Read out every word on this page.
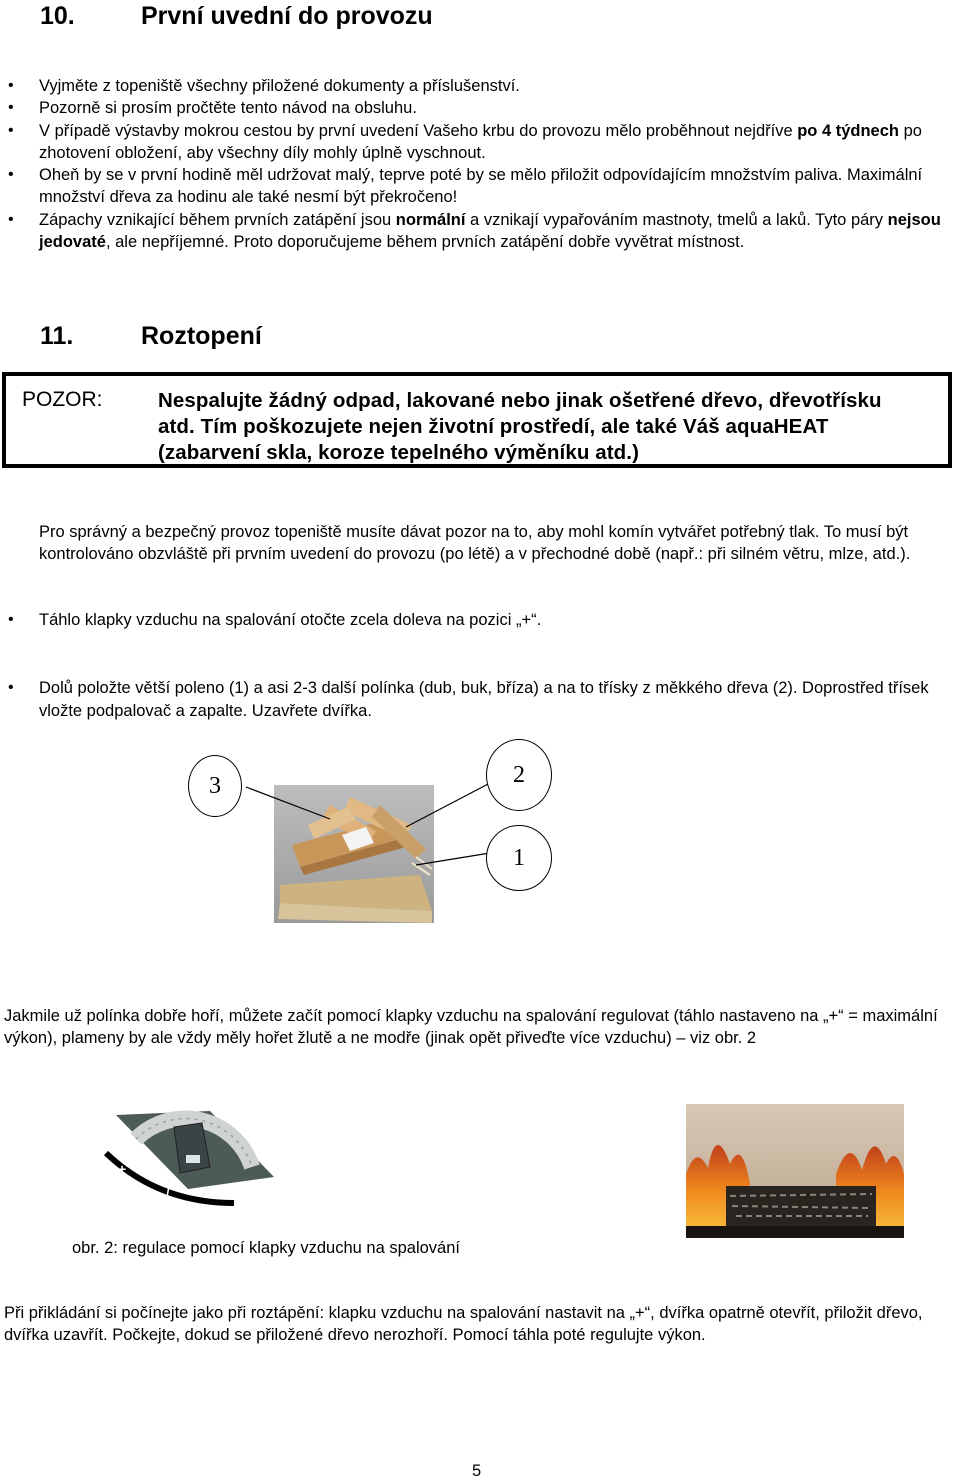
10.	První uvední do provozu
• Vyjměte z topeniště všechny přiložené dokumenty a příslušenství.
• Pozorně si prosím pročtěte tento návod na obsluhu.
• V případě výstavby mokrou cestou by první uvedení Vašeho krbu do provozu mělo proběhnout nejdříve po 4 týdnech po zhotovení obložení, aby všechny díly mohly úplně vyschnout.
• Oheň by se v první hodině měl udržovat malý, teprve poté by se mělo přiložit odpovídajícím množstvím paliva. Maximální množství dřeva za hodinu ale také nesmí být překročeno!
• Zápachy vznikající během prvních zatápění jsou normální a vznikají vypařováním mastnoty, tmelů a laků. Tyto páry nejsou jedovaté, ale nepříjemné. Proto doporučujeme během prvních zatápění dobře vyvětrat místnost.
11.	Roztopení
POZOR:	Nespalujte žádný odpad, lakované nebo jinak ošetřené dřevo, dřevotřísku atd. Tím poškozujete nejen životní prostředí, ale také Váš aquaHEAT (zabarvení skla, koroze tepelného výměníku atd.)
Pro správný a bezpečný provoz topeniště musíte dávat pozor na to, aby mohl komín vytvářet potřebný tlak. To musí být kontrolováno obzvláště při prvním uvedení do provozu (po létě) a v přechodné době (např.: při silném větru, mlze, atd.).
• Táhlo klapky vzduchu na spalování otočte zcela doleva na pozici „+“.
• Dolů položte větší poleno (1) a asi 2-3 další polínka (dub, buk, bříza) a na to třísky z měkkého dřeva (2). Doprostřed třísek vložte podpalovač a zapalte. Uzavřete dvířka.
3	2
1
Jakmile už polínka dobře hoří, můžete začít pomocí klapky vzduchu na spalování regulovat (táhlo nastaveno na „+“ = maximální výkon), plameny by ale vždy měly hořet žlutě a ne modře (jinak opět přiveďte více vzduchu) – viz obr. 2
+
/	–
obr. 2: regulace pomocí klapky vzduchu na spalování
Při přikládání si počínejte jako při roztápění: klapku vzduchu na spalování nastavit na „+“, dvířka opatrně otevřít, přiložit dřevo, dvířka uzavřít. Počkejte, dokud se přiložené dřevo nerozhoří. Pomocí táhla poté regulujte výkon.
5
